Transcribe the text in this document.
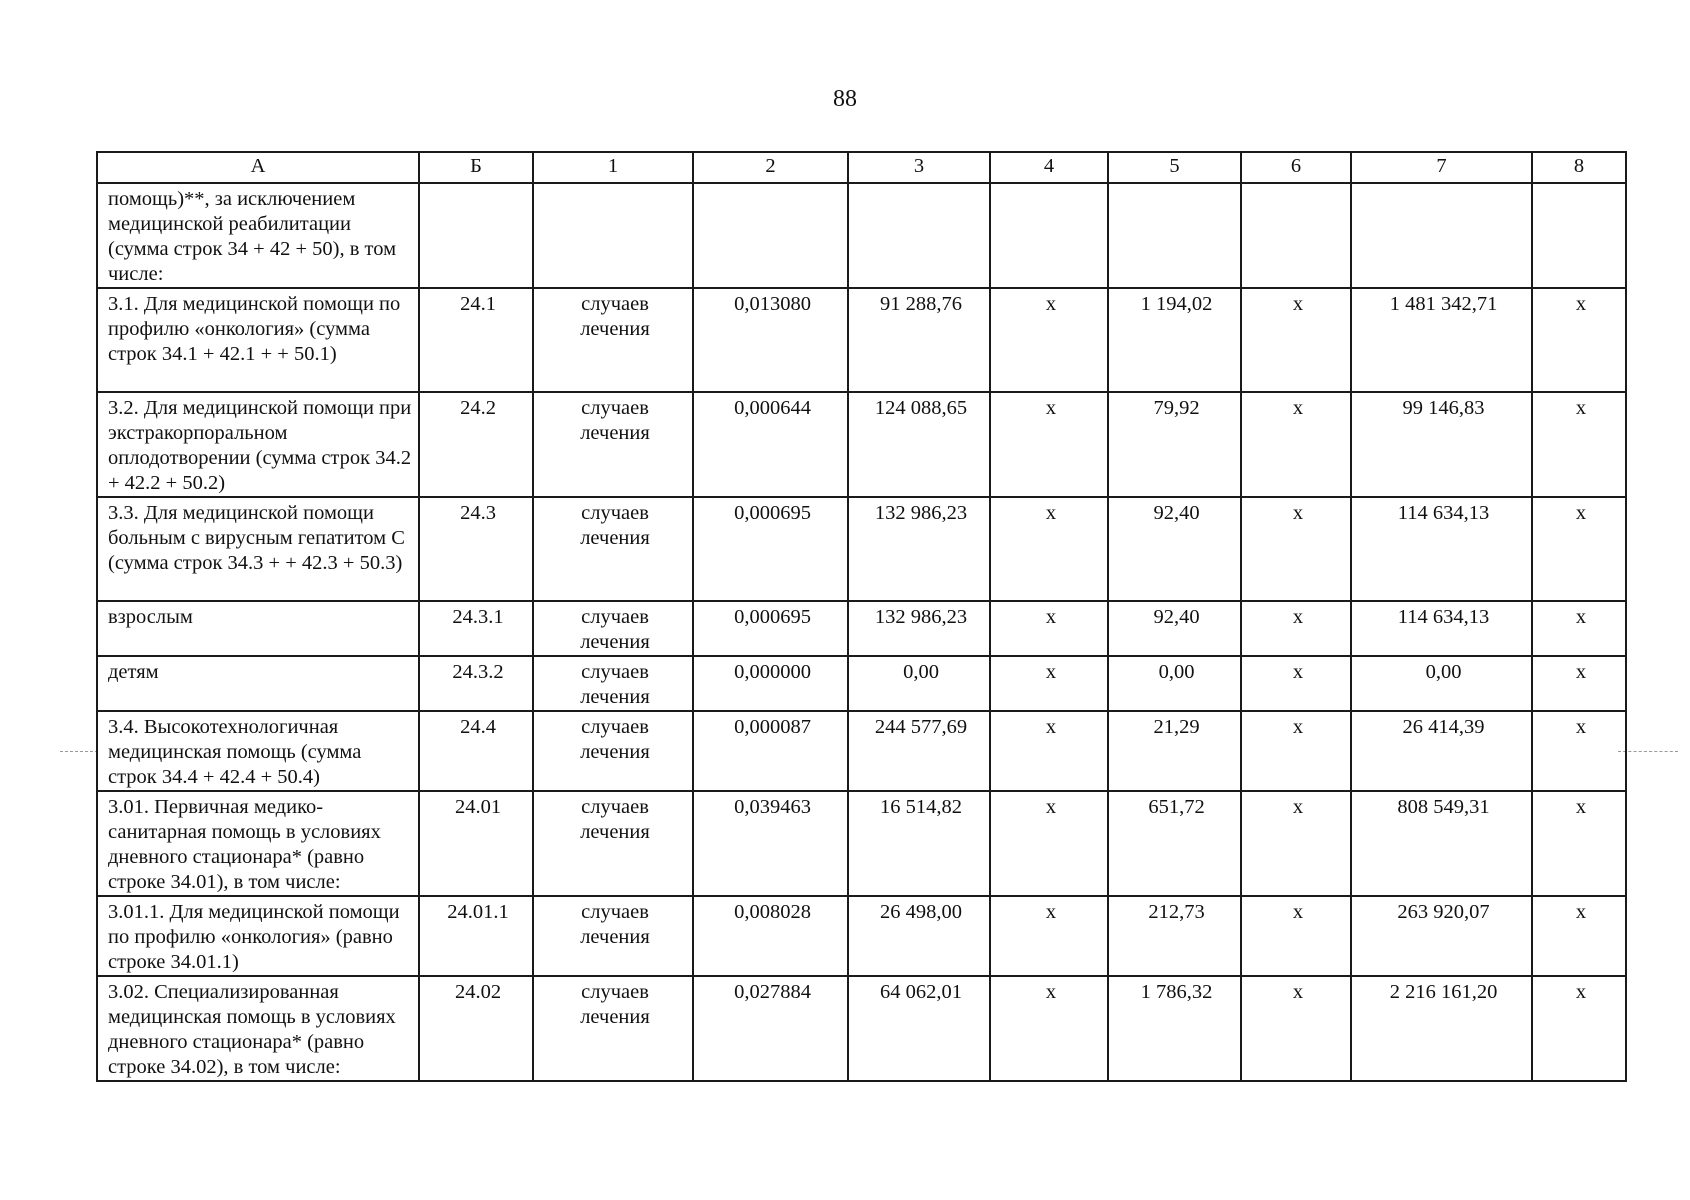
88
А	Б	1	2	3	4	5	6	7	8
помощь)**, за исключением медицинской реабилитации (сумма строк 34 + 42 + 50), в том числе:									
3.1. Для медицинской помощи по профилю «онкология» (сумма строк 34.1 + 42.1 + + 50.1)	24.1	случаев лечения	0,013080	91 288,76	х	1 194,02	х	1 481 342,71	х
3.2. Для медицинской помощи при экстракорпоральном оплодотворении (сумма строк 34.2 + 42.2 + 50.2)	24.2	случаев лечения	0,000644	124 088,65	х	79,92	х	99 146,83	х
3.3. Для медицинской помощи больным с вирусным гепатитом С (сумма строк 34.3 + + 42.3 + 50.3)	24.3	случаев лечения	0,000695	132 986,23	х	92,40	х	114 634,13	х
взрослым	24.3.1	случаев лечения	0,000695	132 986,23	х	92,40	х	114 634,13	х
детям	24.3.2	случаев лечения	0,000000	0,00	х	0,00	х	0,00	х
3.4. Высокотехнологичная медицинская помощь (сумма строк 34.4 + 42.4 + 50.4)	24.4	случаев лечения	0,000087	244 577,69	х	21,29	х	26 414,39	х
3.01. Первичная медико-санитарная помощь в условиях дневного стационара* (равно строке 34.01), в том числе:	24.01	случаев лечения	0,039463	16 514,82	х	651,72	х	808 549,31	х
3.01.1. Для медицинской помощи по профилю «онкология» (равно строке 34.01.1)	24.01.1	случаев лечения	0,008028	26 498,00	х	212,73	х	263 920,07	х
3.02. Специализированная медицинская помощь в условиях дневного стационара* (равно строке 34.02), в том числе:	24.02	случаев лечения	0,027884	64 062,01	х	1 786,32	х	2 216 161,20	х
